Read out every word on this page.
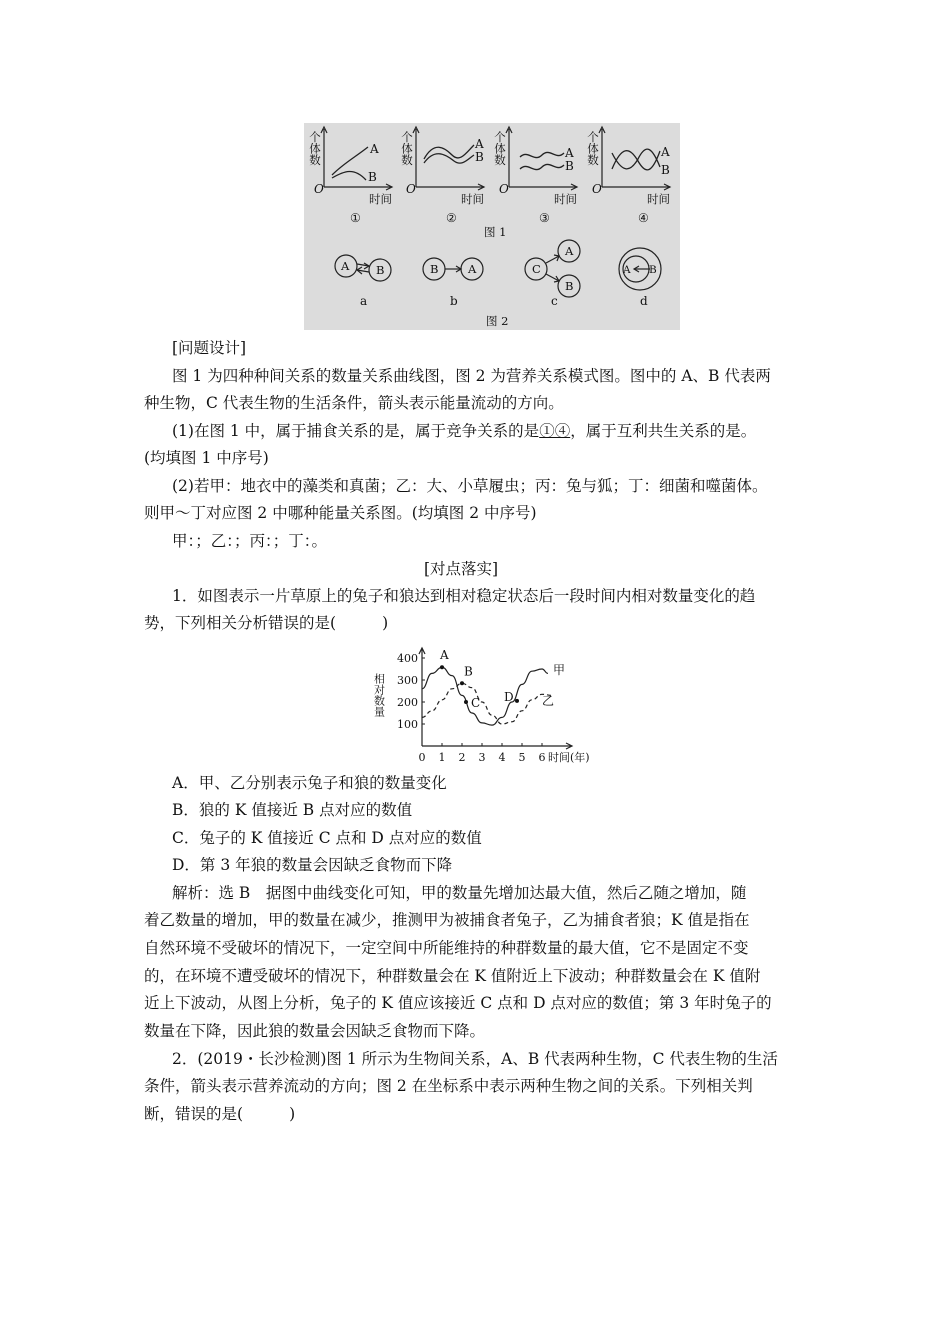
个体数	个体数	个体数	个体数
O	O	O	O
时间	时间	时间	时间
A
B
A
B	A
B
A
B
①	②	③	④
图 1
A B	B	A	C
A
B
A B
a	b	c	d
图 2
[问题设计]
图 1 为四种种间关系的数量关系曲线图，图 2 为营养关系模式图。图中的 A、B 代表两
种生物，C 代表生物的生活条件，箭头表示能量流动的方向。
(1)在图 1 中，属于捕食关系的是，属于竞争关系的是①④，属于互利共生关系的是。
(均填图 1 中序号)
(2)若甲：地衣中的藻类和真菌；乙：大、小草履虫；丙：兔与狐；丁：细菌和噬菌体。
则甲～丁对应图 2 中哪种能量关系图。(均填图 2 中序号)
甲：；乙：；丙：；丁：。
[对点落实]
1．如图表示一片草原上的兔子和狼达到相对稳定状态后一段时间内相对数量变化的趋
势，下列相关分析错误的是(	)
100
200
300
400
0 1 2 3 4 5 6 时间(年)
相对数量
甲
乙
A
B
C D
A．甲、乙分别表示兔子和狼的数量变化
B．狼的 K 值接近 B 点对应的数值
C．兔子的 K 值接近 C 点和 D 点对应的数值
D．第 3 年狼的数量会因缺乏食物而下降
解析：选 B　据图中曲线变化可知，甲的数量先增加达最大值，然后乙随之增加，随
着乙数量的增加，甲的数量在减少，推测甲为被捕食者兔子，乙为捕食者狼；K 值是指在
自然环境不受破坏的情况下，一定空间中所能维持的种群数量的最大值，它不是固定不变
的，在环境不遭受破坏的情况下，种群数量会在 K 值附近上下波动；种群数量会在 K 值附
近上下波动，从图上分析，兔子的 K 值应该接近 C 点和 D 点对应的数值；第 3 年时兔子的
数量在下降，因此狼的数量会因缺乏食物而下降。
2．(2019・长沙检测)图 1 所示为生物间关系，A、B 代表两种生物，C 代表生物的生活
条件，箭头表示营养流动的方向；图 2 在坐标系中表示两种生物之间的关系。下列相关判
断，错误的是(	)
